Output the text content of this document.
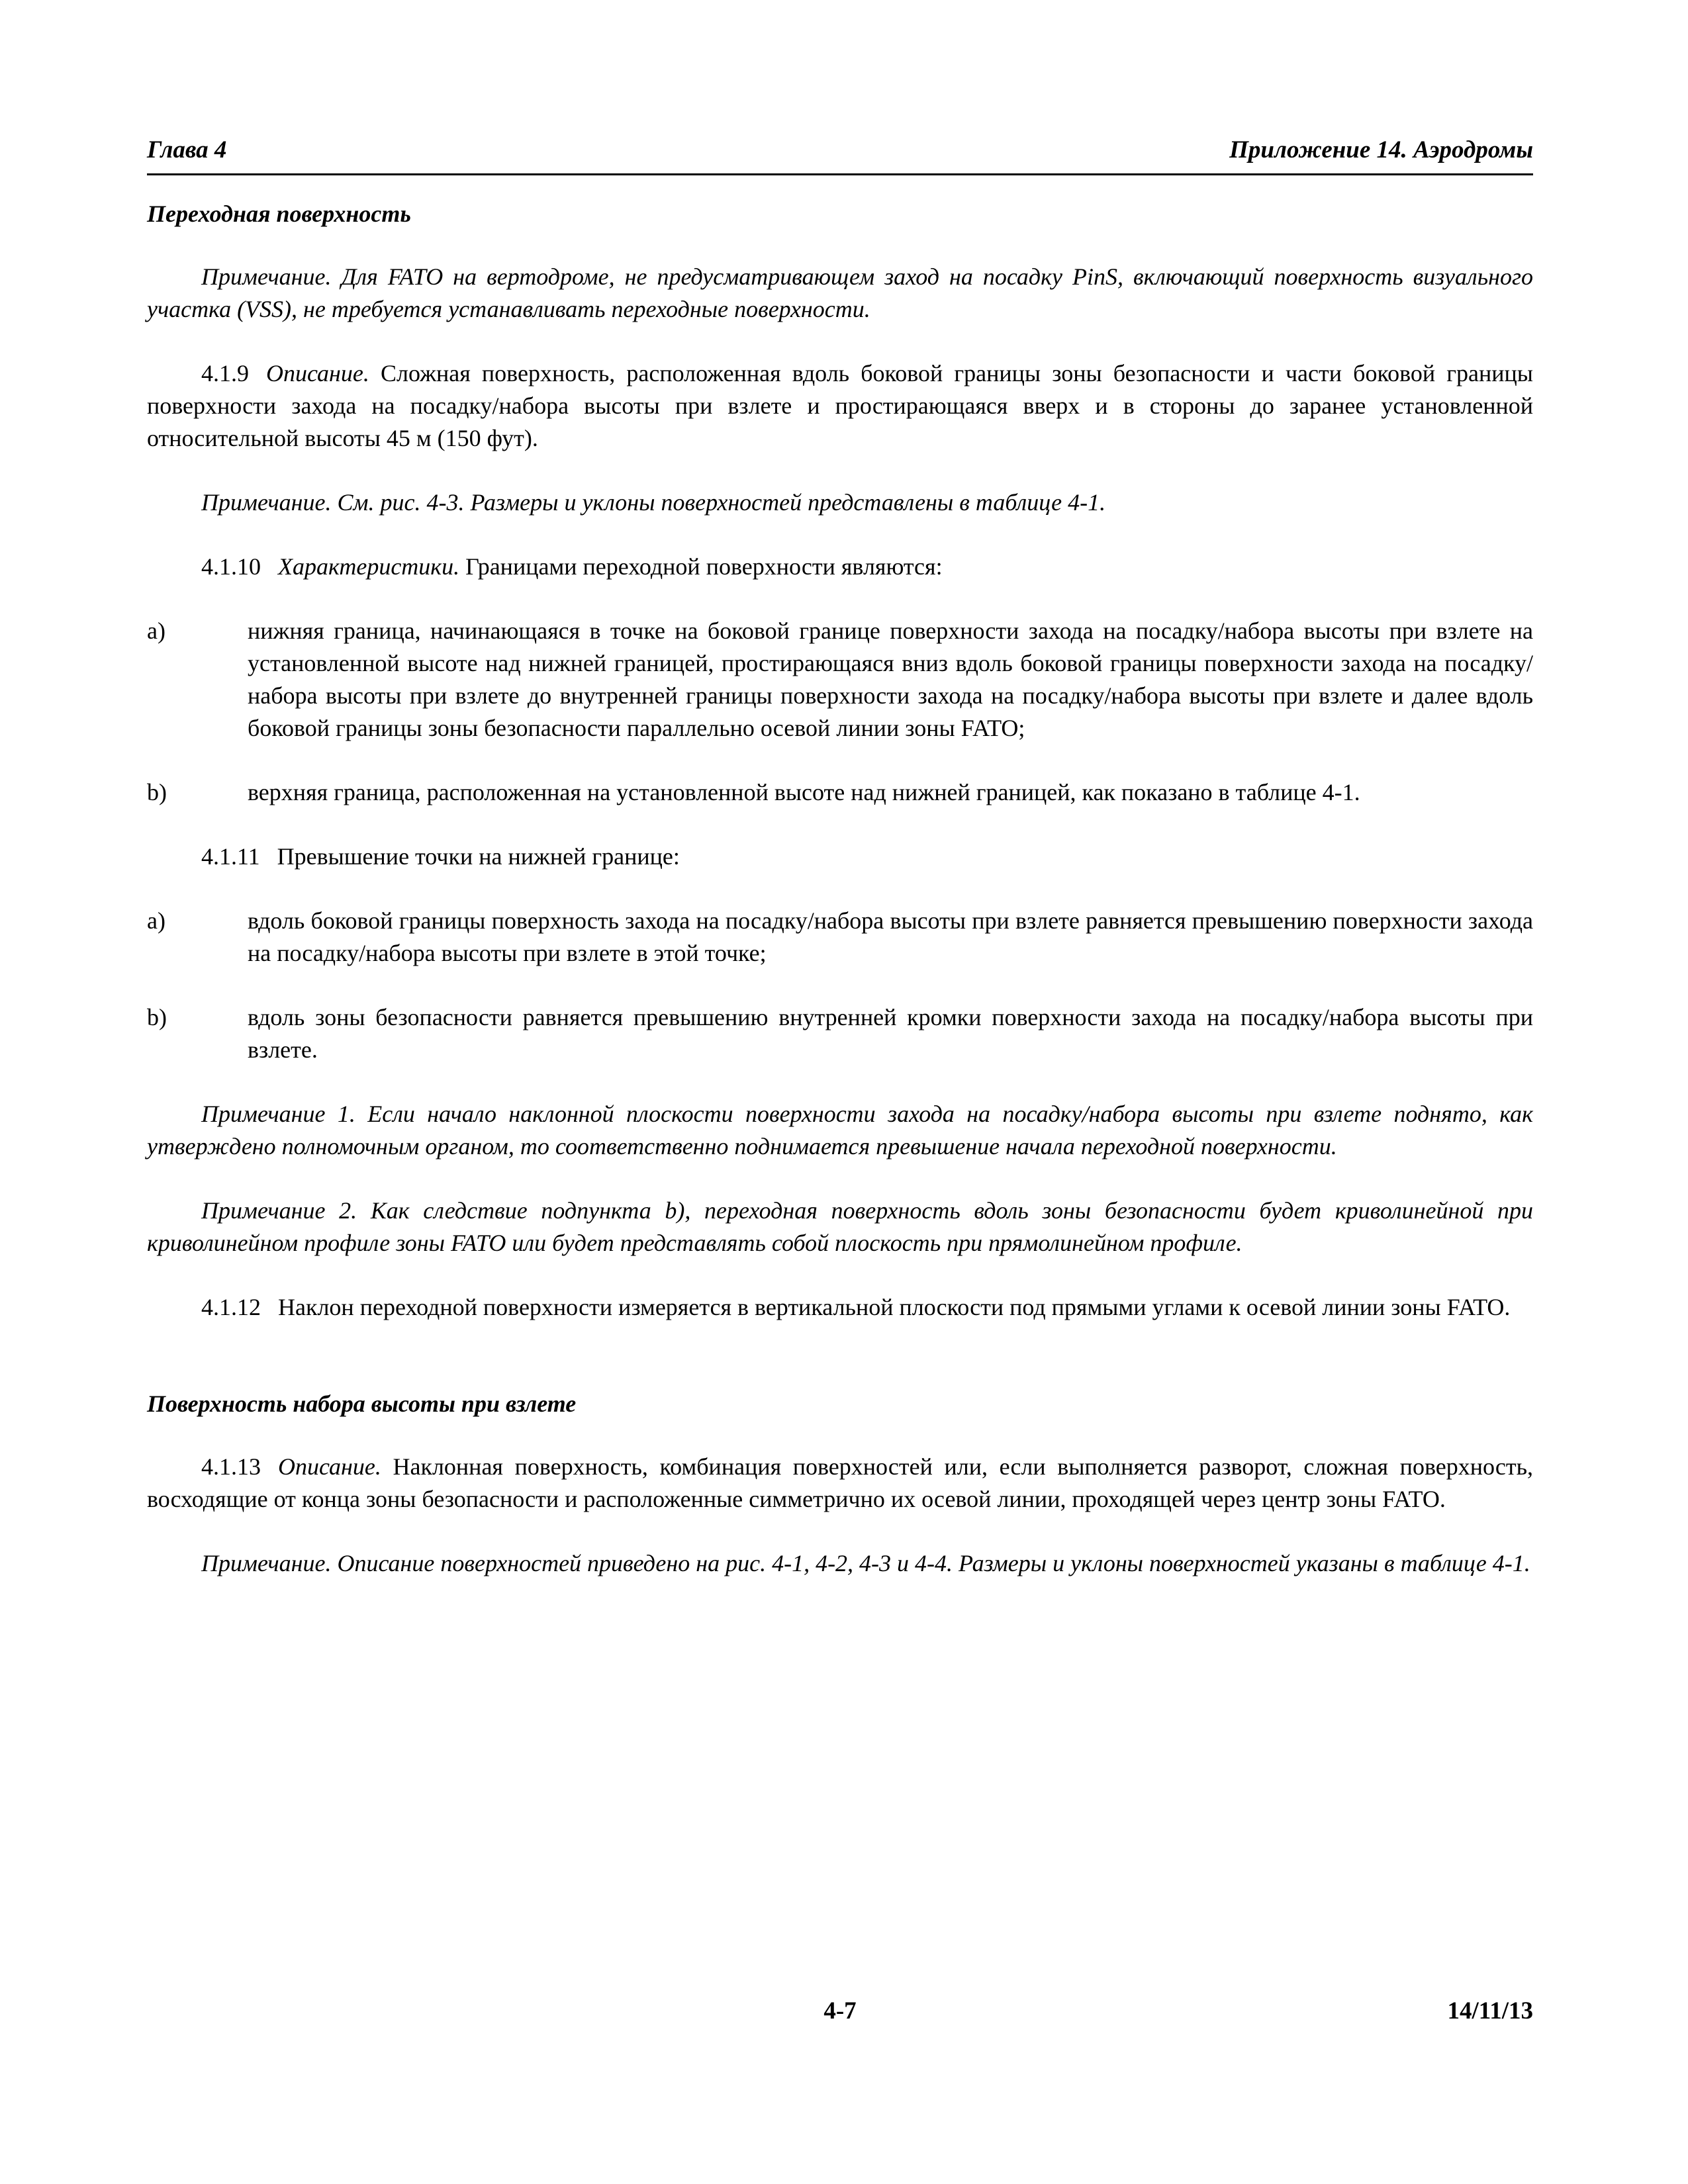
Глава 4	Приложение 14. Аэродромы

Переходная поверхность

Примечание. Для FATO на вертодроме, не предусматривающем заход на посадку PinS, включающий поверхность визуального участка (VSS), не требуется устанавливать переходные поверхности.

4.1.9 Описание. Сложная поверхность, расположенная вдоль боковой границы зоны безопасности и части боковой границы поверхности захода на посадку/набора высоты при взлете и простирающаяся вверх и в стороны до заранее установленной относительной высоты 45 м (150 фут).

Примечание. См. рис. 4-3. Размеры и уклоны поверхностей представлены в таблице 4-1.

4.1.10 Характеристики. Границами переходной поверхности являются:

a)	нижняя граница, начинающаяся в точке на боковой границе поверхности захода на посадку/набора высоты при взлете на установленной высоте над нижней границей, простирающаяся вниз вдоль боковой границы поверхности захода на посадку/набора высоты при взлете до внутренней границы поверхности захода на посадку/набора высоты при взлете и далее вдоль боковой границы зоны безопасности параллельно осевой линии зоны FATO;

b)	верхняя граница, расположенная на установленной высоте над нижней границей, как показано в таблице 4-1.

4.1.11 Превышение точки на нижней границе:

a)	вдоль боковой границы поверхность захода на посадку/набора высоты при взлете равняется превышению поверхности захода на посадку/набора высоты при взлете в этой точке;

b)	вдоль зоны безопасности равняется превышению внутренней кромки поверхности захода на посадку/набора высоты при взлете.

Примечание 1. Если начало наклонной плоскости поверхности захода на посадку/набора высоты при взлете поднято, как утверждено полномочным органом, то соответственно поднимается превышение начала переходной поверхности.

Примечание 2. Как следствие подпункта b), переходная поверхность вдоль зоны безопасности будет криволинейной при криволинейном профиле зоны FATO или будет представлять собой плоскость при прямолинейном профиле.

4.1.12 Наклон переходной поверхности измеряется в вертикальной плоскости под прямыми углами к осевой линии зоны FATO.

Поверхность набора высоты при взлете

4.1.13 Описание. Наклонная поверхность, комбинация поверхностей или, если выполняется разворот, сложная поверхность, восходящие от конца зоны безопасности и расположенные симметрично их осевой линии, проходящей через центр зоны FATO.

Примечание. Описание поверхностей приведено на рис. 4-1, 4-2, 4-3 и 4-4. Размеры и уклоны поверхностей указаны в таблице 4-1.

4-7	14/11/13
